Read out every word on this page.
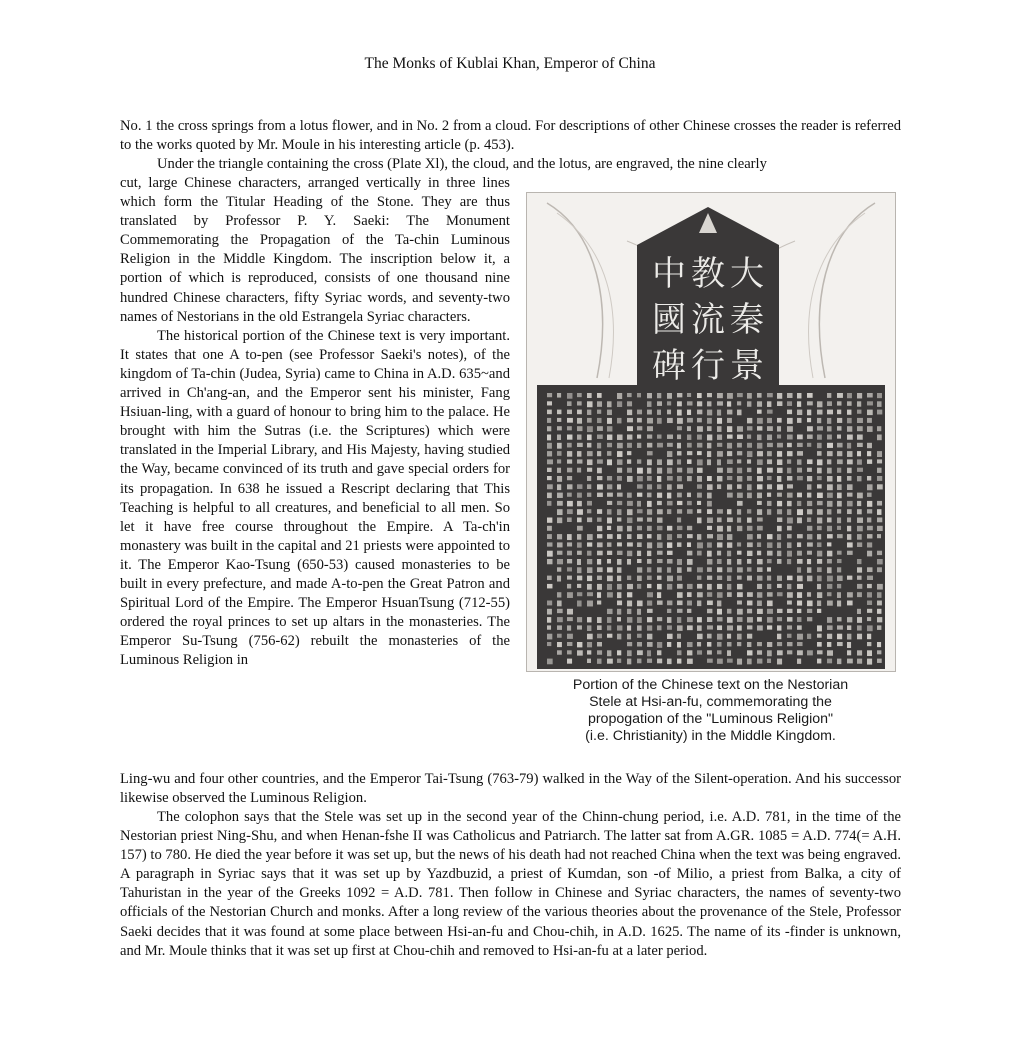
The Monks of Kublai Khan, Emperor of China

No. 1 the cross springs from a lotus flower, and in No. 2 from a cloud. For descriptions of other Chinese crosses the reader is referred to the works quoted by Mr. Moule in his interesting article (p. 453).

Under the triangle containing the cross (Plate Xl), the cloud, and the lotus, are engraved, the nine clearly

cut, large Chinese characters, arranged vertically in three lines which form the Titular Heading of the Stone. They are thus translated by Professor P. Y. Saeki: The Monument Commemorating the Propagation of the Ta-chin Luminous Religion in the Middle Kingdom. The inscription below it, a portion of which is reproduced, consists of one thousand nine hundred Chinese characters, fifty Syriac words, and seventy-two names of Nestorians in the old Estrangela Syriac characters.

The historical portion of the Chinese text is very important. It states that one A to-pen (see Professor Saeki's notes), of the kingdom of Ta-chin (Judea, Syria) came to China in A.D. 635~and arrived in Ch'ang-an, and the Emperor sent his minister, Fang Hsiuan-ling, with a guard of honour to bring him to the palace. He brought with him the Sutras (i.e. the Scriptures) which were translated in the Imperial Library, and His Majesty, having studied the Way, became convinced of its truth and gave special orders for its propagation. In 638 he issued a Rescript declaring that This Teaching is helpful to all creatures, and beneficial to all men. So let it have free course throughout the Empire. A Ta-ch'in monastery was built in the capital and 21 priests were appointed to it. The Emperor Kao-Tsung (650-53) caused monasteries to be built in every prefecture, and made A-to-pen the Great Patron and Spiritual Lord of the Empire. The Emperor HsuanTsung (712-55) ordered the royal princes to set up altars in the monasteries. The Emperor Su-Tsung (756-62) rebuilt the monasteries of the Luminous Religion in

Ling-wu and four other countries, and the Emperor Tai-Tsung (763-79) walked in the Way of the Silent-operation. And his successor likewise observed the Luminous Religion.

The colophon says that the Stele was set up in the second year of the Chinn-chung period, i.e. A.D. 781, in the time of the Nestorian priest Ning-Shu, and when Henan-fshe II was Catholicus and Patriarch. The latter sat from A.GR. 1085 = A.D. 774(= A.H. 157) to 780. He died the year before it was set up, but the news of his death had not reached China when the text was being engraved. A paragraph in Syriac says that it was set up by Yazdbuzid, a priest of Kumdan, son -of Milio, a priest from Balka, a city of Tahuristan in the year of the Greeks 1092 = A.D. 781. Then follow in Chinese and Syriac characters, the names of seventy-two officials of the Nestorian Church and monks. After a long review of the various theories about the provenance of the Stele, Professor Saeki decides that it was found at some place between Hsi-an-fu and Chou-chih, in A.D. 1625. The name of its -finder is unknown, and Mr. Moule thinks that it was set up first at Chou-chih and removed to Hsi-an-fu at a later period.

中 教 大
國 流 秦
碑 行 景
Portion of the Chinese text on the Nestorian
Stele at Hsi-an-fu, commemorating the
propogation of the "Luminous Religion"
(i.e. Christianity) in the Middle Kingdom.
